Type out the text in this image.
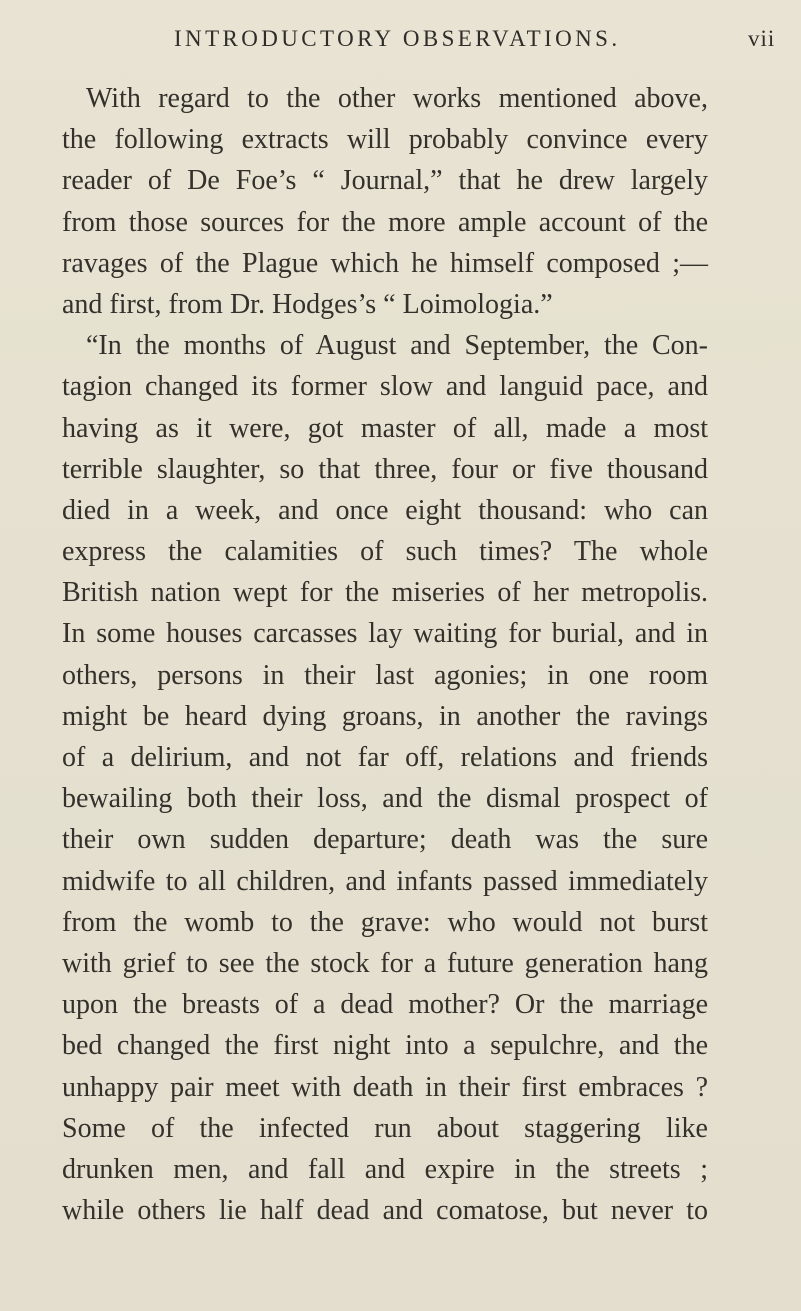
INTRODUCTORY OBSERVATIONS.	vii
With regard to the other works mentioned above,
the following extracts will probably convince every
reader of De Foe’s “ Journal,” that he drew largely
from those sources for the more ample account of the
ravages of the Plague which he himself composed ;—
and first, from Dr. Hodges’s “ Loimologia.”
“In the months of August and September, the Con-
tagion changed its former slow and languid pace, and
having as it were, got master of all, made a most
terrible slaughter, so that three, four or five thousand
died in a week, and once eight thousand: who can
express the calamities of such times? The whole
British nation wept for the miseries of her metropolis.
In some houses carcasses lay waiting for burial, and in
others, persons in their last agonies; in one room
might be heard dying groans, in another the ravings
of a delirium, and not far off, relations and friends
bewailing both their loss, and the dismal prospect of
their own sudden departure; death was the sure
midwife to all children, and infants passed immediately
from the womb to the grave: who would not burst
with grief to see the stock for a future generation hang
upon the breasts of a dead mother? Or the marriage
bed changed the first night into a sepulchre, and the
unhappy pair meet with death in their first embraces ?
Some of the infected run about staggering like
drunken men, and fall and expire in the streets ;
while others lie half dead and comatose, but never to
